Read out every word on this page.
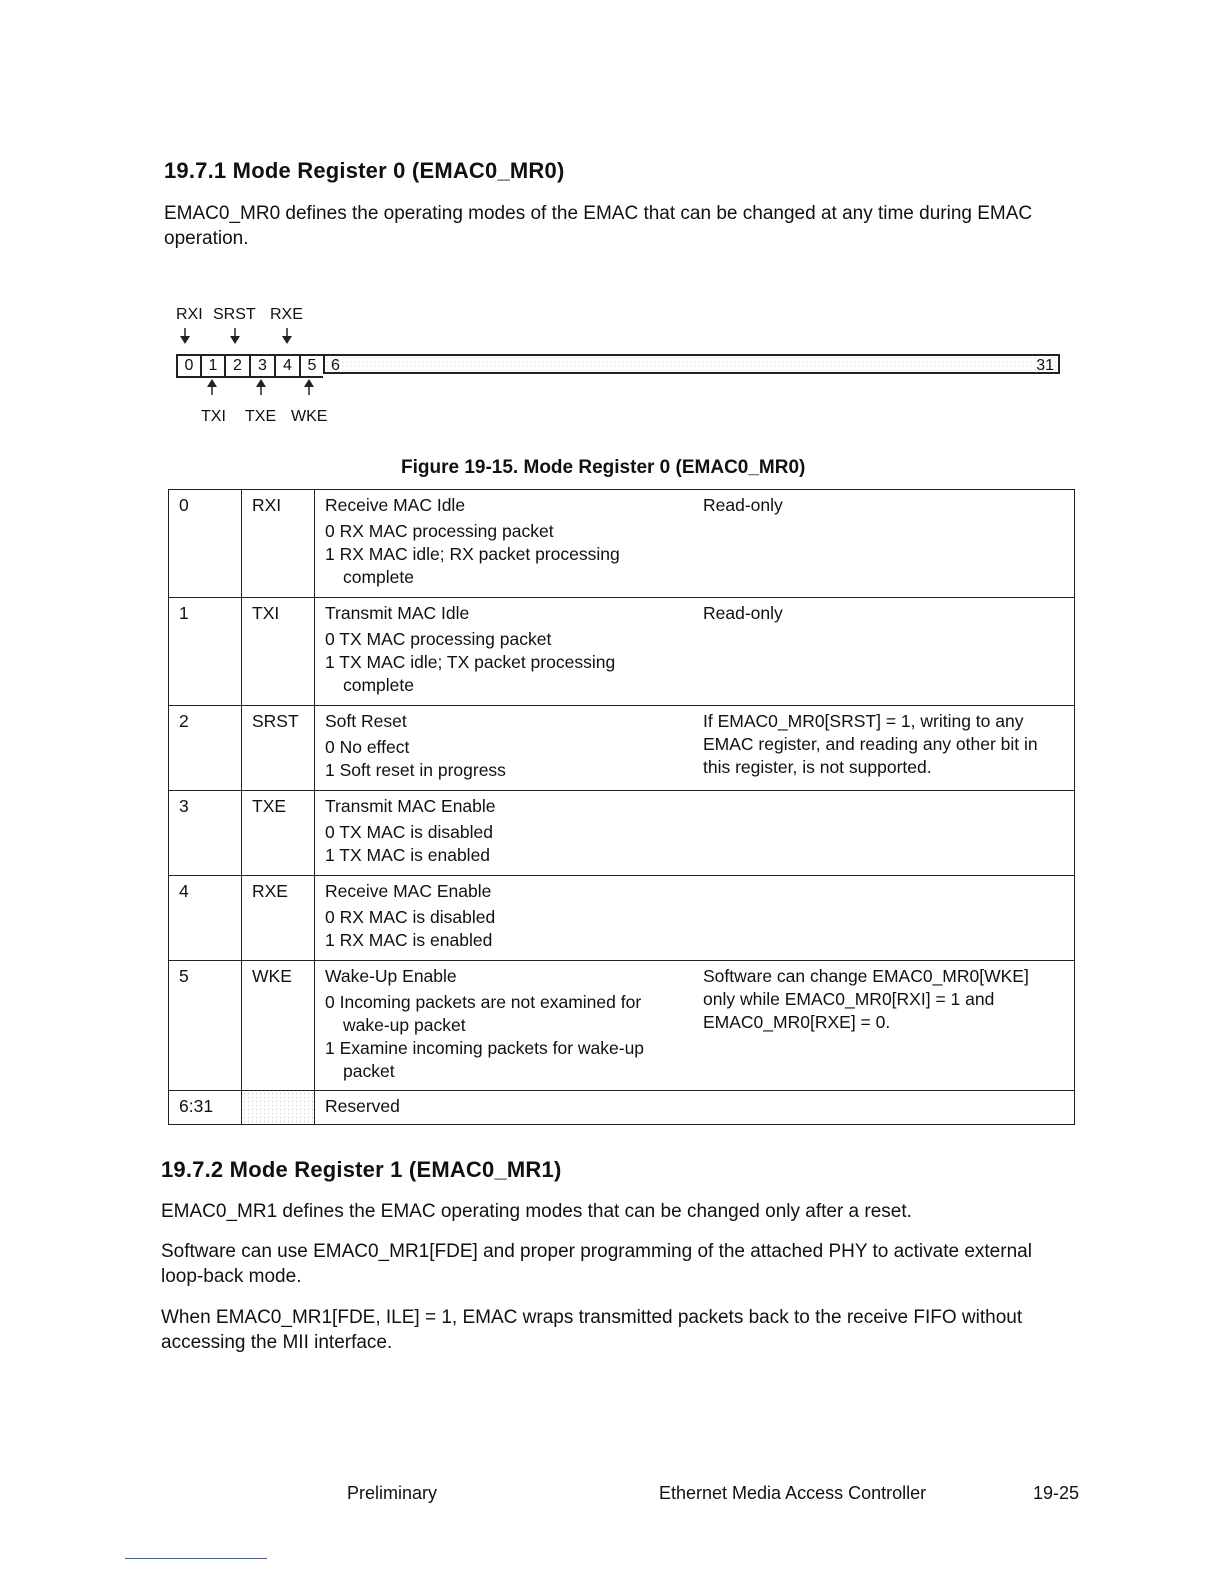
19.7.1 Mode Register 0 (EMAC0_MR0)

EMAC0_MR0 defines the operating modes of the EMAC that can be changed at any time during EMAC operation.

RXI SRST RXE
0 1 2	3	4 5 6	31
TXI TXE WKE
Figure 19-15. Mode Register 0 (EMAC0_MR0)
0	RXI	Receive MAC Idle
0 RX MAC processing packet
1 RX MAC idle; RX packet processing complete	Read-only
1	TXI	Transmit MAC Idle
0 TX MAC processing packet
1 TX MAC idle; TX packet processing complete	Read-only
2	SRST	Soft Reset
0 No effect
1 Soft reset in progress	If EMAC0_MR0[SRST] = 1, writing to any EMAC register, and reading any other bit in this register, is not supported.
3	TXE	Transmit MAC Enable
0 TX MAC is disabled
1 TX MAC is enabled	

4	RXE	Receive MAC Enable
0 RX MAC is disabled
1 RX MAC is enabled	

5	WKE	Wake-Up Enable
0 Incoming packets are not examined for wake-up packet
1 Examine incoming packets for wake-up packet	Software can change EMAC0_MR0[WKE] only while EMAC0_MR0[RXI] = 1 and EMAC0_MR0[RXE] = 0.
6:31		Reserved	
19.7.2 Mode Register 1 (EMAC0_MR1)

EMAC0_MR1 defines the EMAC operating modes that can be changed only after a reset.

Software can use EMAC0_MR1[FDE] and proper programming of the attached PHY to activate external loop-back mode.

When EMAC0_MR1[FDE, ILE] = 1, EMAC wraps transmitted packets back to the receive FIFO without accessing the MII interface.

Preliminary	Ethernet Media Access Controller	19-25
